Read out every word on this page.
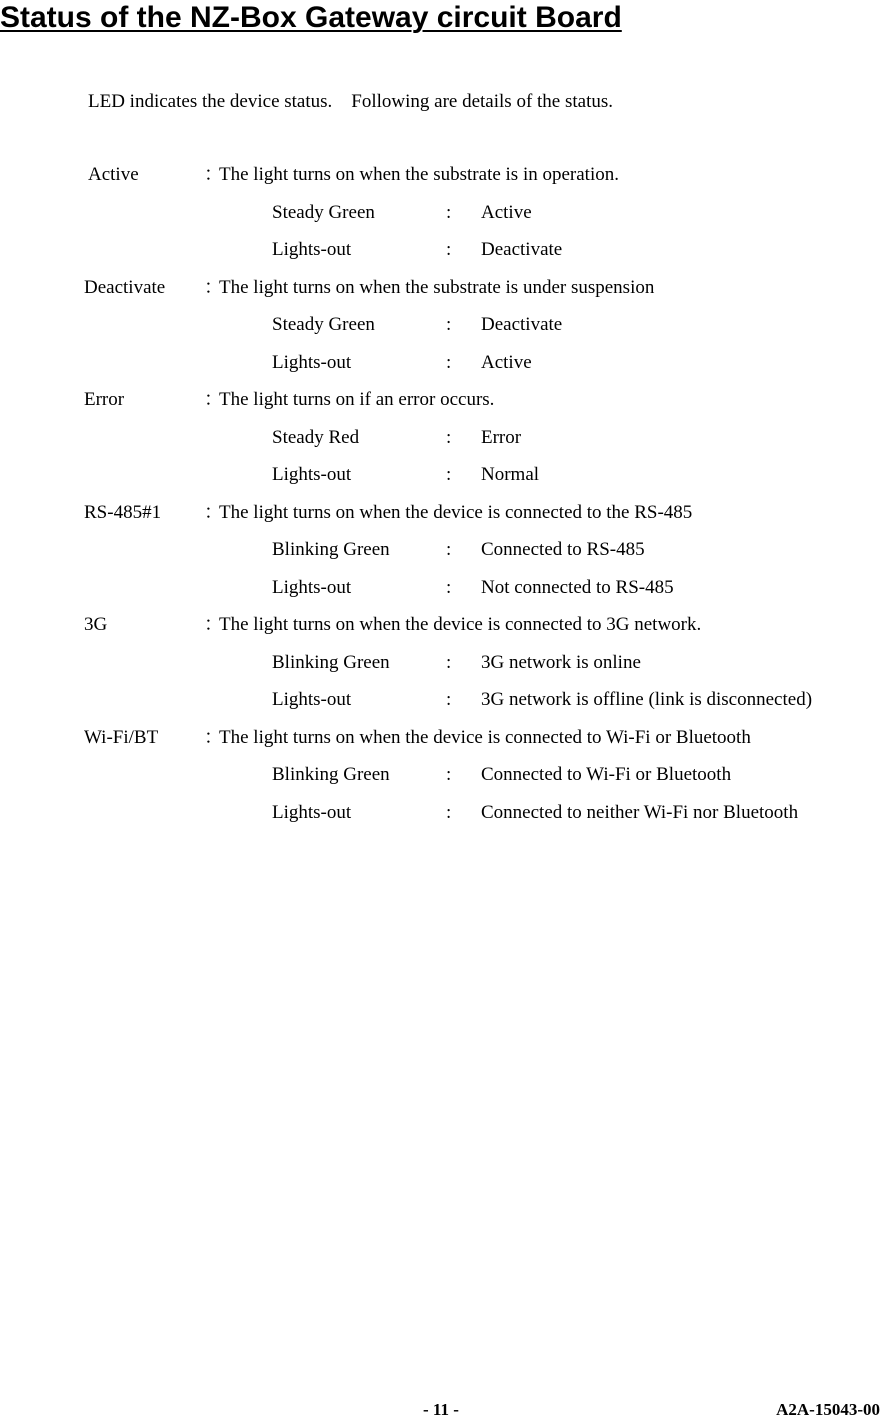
Status of the NZ-Box Gateway circuit Board
LED indicates the device status.    Following are details of the status.
Active	：
The light turns on when the substrate is in operation.
Steady Green	: Active
Lights-out	: Deactivate
Deactivate ：
The light turns on when the substrate is under suspension
Steady Green	: Deactivate
Lights-out	: Active
Error	：
The light turns on if an error occurs.
Steady Red	: Error
Lights-out	: Normal
RS-485#1 ：
The light turns on when the device is connected to the RS-485
Blinking Green	: Connected to RS-485
Lights-out	: Not connected to RS-485
3G	：
The light turns on when the device is connected to 3G network.
Blinking Green	: 3G network is online
Lights-out	: 3G network is offline (link is disconnected)
Wi-Fi/BT ：
The light turns on when the device is connected to Wi-Fi or Bluetooth
Blinking Green	: Connected to Wi-Fi or Bluetooth
Lights-out	: Connected to neither Wi-Fi nor Bluetooth
- 11 -	A2A-15043-00
